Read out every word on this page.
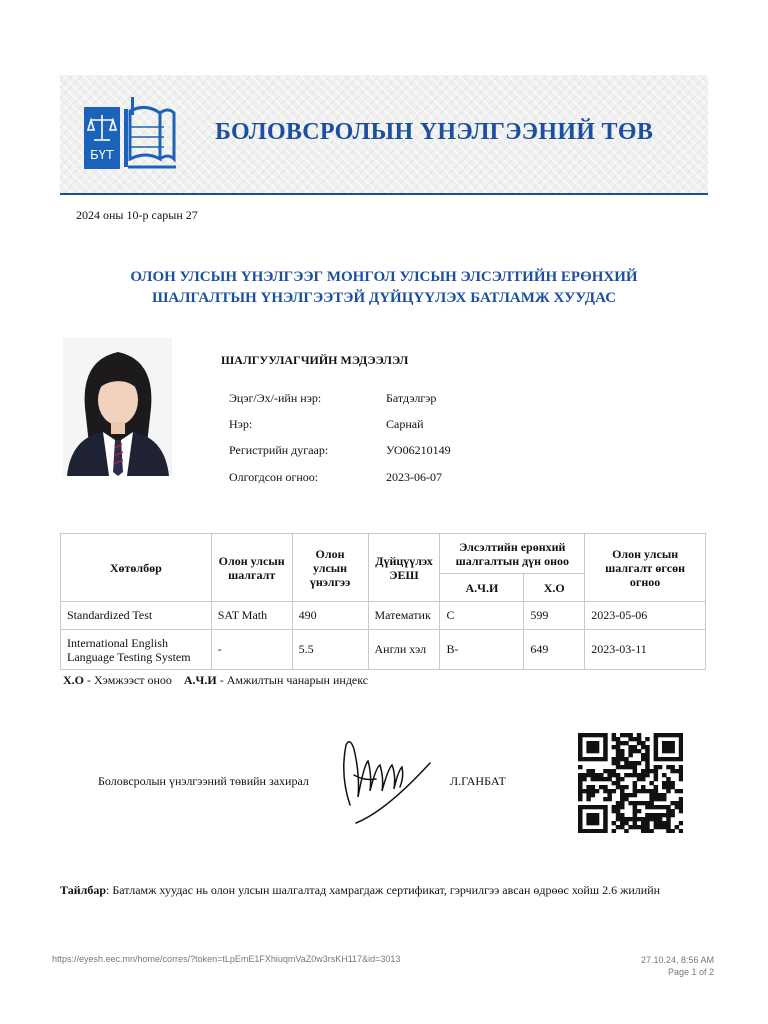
БҮТ
БОЛОВСРОЛЫН ҮНЭЛГЭЭНИЙ ТӨВ
2024 оны 10-р сарын 27
ОЛОН УЛСЫН ҮНЭЛГЭЭГ МОНГОЛ УЛСЫН ЭЛСЭЛТИЙН ЕРӨНХИЙ
ШАЛГАЛТЫН ҮНЭЛГЭЭТЭЙ ДҮЙЦҮҮЛЭХ БАТЛАМЖ ХУУДАС
ШАЛГУУЛАГЧИЙН МЭДЭЭЛЭЛ
Эцэг/Эх/-ийн нэр:	Батдэлгэр
Нэр:	Сарнай
Регистрийн дугаар:	УО06210149
Олгогдсон огноо:	2023-06-07
Хөтөлбөр	Олон улсын шалгалт	Олон улсын үнэлгээ	Дүйцүүлэх ЭЕШ	Элсэлтийн ерөнхий шалгалтын дүн оноо		Олон улсын шалгалт өгсөн огноо
				А.Ч.И	Х.О	
Standardized Test	SAT Math	490	Математик	C	599	2023-05-06
International English Language Testing System	-	5.5	Англи хэл	B-	649	2023-03-11
Х.О - Хэмжээст оноо А.Ч.И - Амжилтын чанарын индекс
Боловсролын үнэлгээний төвийн захирал	Л.ГАНБАТ
Тайлбар: Батламж хуудас нь олон улсын шалгалтад хамрагдаж сертификат, гэрчилгээ авсан өдрөөс хойш 2.6 жилийн
https://eyesh.eec.mn/home/corres/?token=tLpEmE1FXhiuqmVaZ0w3rsKH117&id=3013	27.10.24, 8:56 AM
Page 1 of 2
